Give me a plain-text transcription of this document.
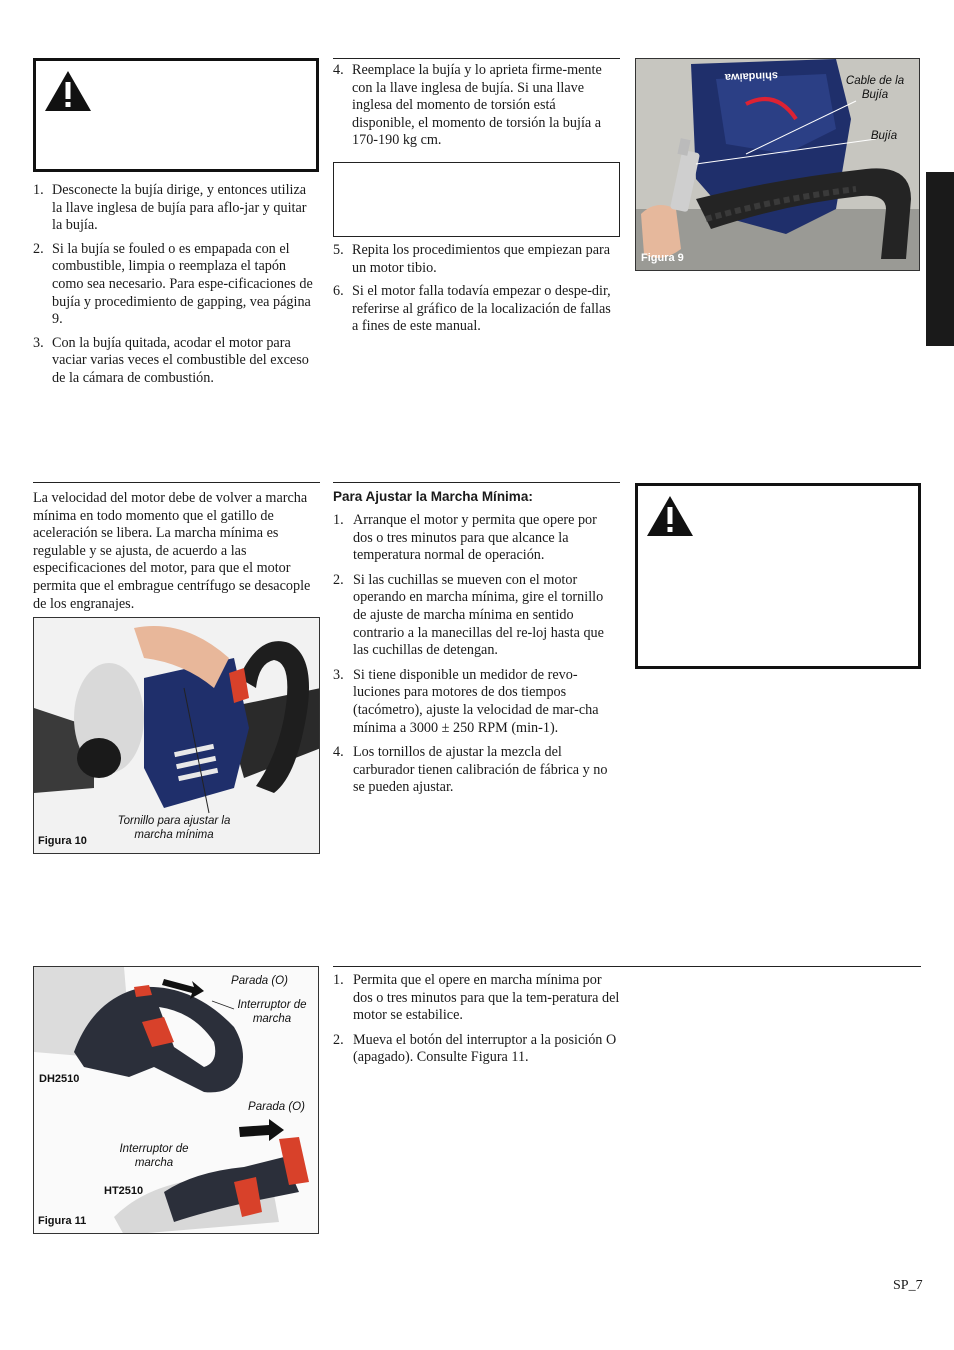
1. Desconecte la bujía dirige, y entonces utiliza la llave inglesa de bujía para aflo-jar y quitar la bujía.
2. Si la bujía se fouled o es empapada con el combustible, limpia o reemplaza el tapón como sea necesario. Para espe-cificaciones de bujía y procedimiento de gapping, vea página 9.
3. Con la bujía quitada, acodar el motor para vaciar varias veces el combustible del exceso de la cámara de combustión.
4. Reemplace la bujía y lo aprieta firme-mente con la llave inglesa de bujía. Si una llave inglesa del momento de torsión está disponible, el momento de torsión la bujía a 170-190 kg cm.
5. Repita los procedimientos que empiezan para un motor tibio.
6. Si el motor falla todavía empezar o despe-dir, referirse al gráfico de la localización de fallas a fines de este manual.
shindaiwa	Cable de la Bujía
Bujía
Figura 9
La velocidad del motor debe de volver a marcha mínima en todo momento que el gatillo de aceleración se libera. La marcha mínima es regulable y se ajusta, de acuerdo a las especificaciones del motor, para que el motor permita que el embrague centrífugo se desacople de los engranajes.
Tornillo para ajustar la marcha mínima
Figura 10
Para Ajustar la Marcha Mínima:
1. Arranque el motor y permita que opere por dos o tres minutos para que alcance la temperatura normal de operación.
2. Si las cuchillas se mueven con el motor operando en marcha mínima, gire el tornillo de ajuste de marcha mínima en sentido contrario a la manecillas del re-loj hasta que las cuchillas de detengan.
3. Si tiene disponible un medidor de revo-luciones para motores de dos tiempos (tacómetro), ajuste la velocidad de mar-cha mínima a 3000 ± 250 RPM (min-1).
4. Los tornillos de ajustar la mezcla del carburador tienen calibración de fábrica y no se pueden ajustar.
Parada (O)
Interruptor de marcha
DH2510
Parada (O)
Interruptor de marcha
HT2510
Figura 11
1. Permita que el opere en marcha mínima por dos o tres minutos para que la tem-peratura del motor se estabilice.
2. Mueva el botón del interruptor a la posición O (apagado). Consulte Figura 11.
SP_7
